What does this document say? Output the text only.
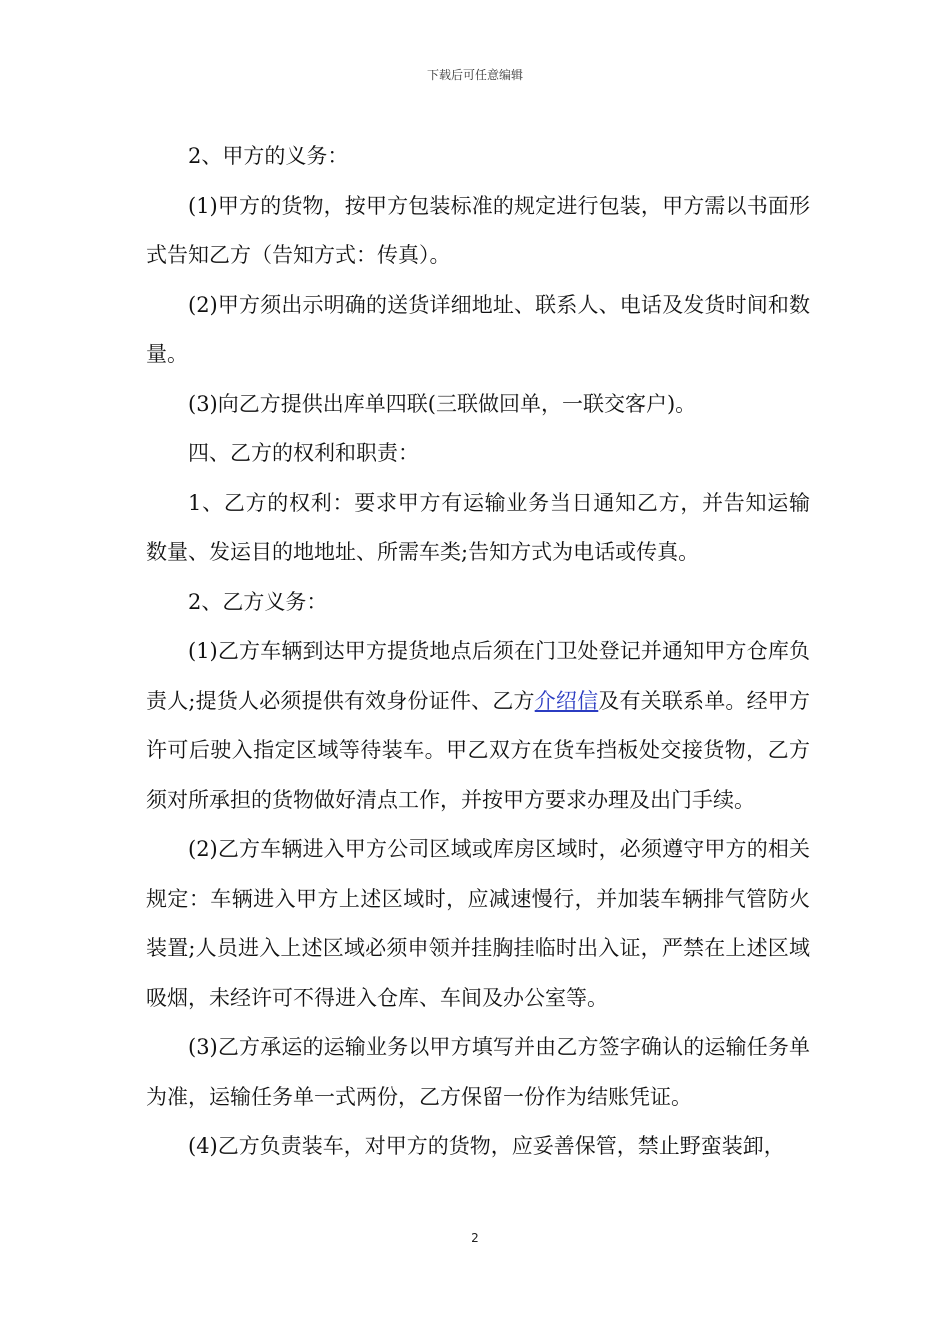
下载后可任意编辑

2、甲方的义务：

(1)甲方的货物，按甲方包装标准的规定进行包装，甲方需以书面形式告知乙方（告知方式：传真）。

(2)甲方须出示明确的送货详细地址、联系人、电话及发货时间和数量。

(3)向乙方提供出库单四联(三联做回单，一联交客户)。

四、乙方的权利和职责：

1、乙方的权利：要求甲方有运输业务当日通知乙方，并告知运输数量、发运目的地地址、所需车类;告知方式为电话或传真。

2、乙方义务：

(1)乙方车辆到达甲方提货地点后须在门卫处登记并通知甲方仓库负责人;提货人必须提供有效身份证件、乙方介绍信及有关联系单。经甲方许可后驶入指定区域等待装车。甲乙双方在货车挡板处交接货物，乙方须对所承担的货物做好清点工作，并按甲方要求办理及出门手续。

(2)乙方车辆进入甲方公司区域或库房区域时，必须遵守甲方的相关规定：车辆进入甲方上述区域时，应减速慢行，并加装车辆排气管防火装置;人员进入上述区域必须申领并挂胸挂临时出入证，严禁在上述区域吸烟，未经许可不得进入仓库、车间及办公室等。

(3)乙方承运的运输业务以甲方填写并由乙方签字确认的运输任务单为准，运输任务单一式两份，乙方保留一份作为结账凭证。

(4)乙方负责装车，对甲方的货物，应妥善保管，禁止野蛮装卸，

2
